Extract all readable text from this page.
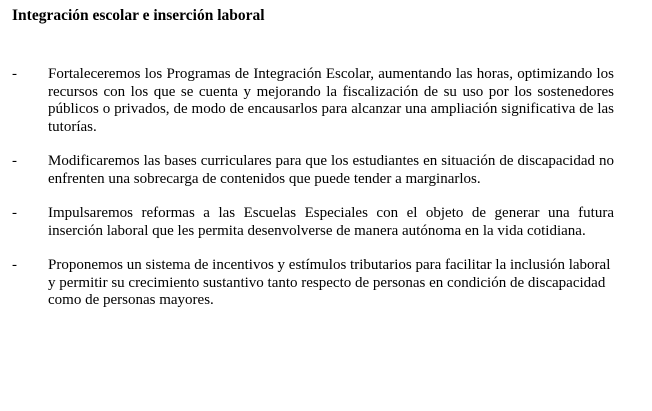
Integración escolar e inserción laboral
- Fortaleceremos los Programas de Integración Escolar, aumentando las horas, optimizando los recursos con los que se cuenta y mejorando la fiscalización de su uso por los sostenedores públicos o privados, de modo de encausarlos para alcanzar una ampliación significativa de las tutorías.
- Modificaremos las bases curriculares para que los estudiantes en situación de discapacidad no enfrenten una sobrecarga de contenidos que puede tender a marginarlos.
- Impulsaremos reformas a las Escuelas Especiales con el objeto de generar una futura inserción laboral que les permita desenvolverse de manera autónoma en la vida cotidiana.
- Proponemos un sistema de incentivos y estímulos tributarios para facilitar la inclusión laboral y permitir su crecimiento sustantivo tanto respecto de personas en condición de discapacidad como de personas mayores.
